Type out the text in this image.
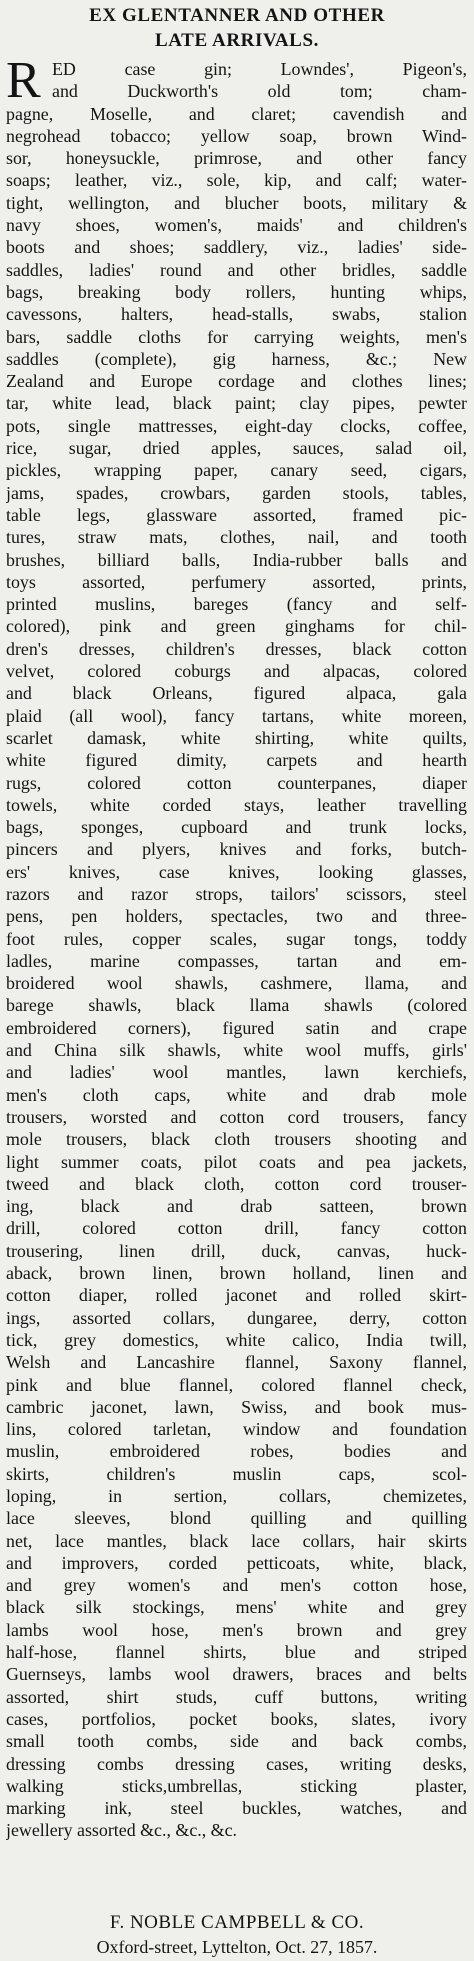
EX GLENTANNER AND OTHER
LATE ARRIVALS.
R ED case gin; Lowndes', Pigeon's,
and Duckworth's old tom; cham-
pagne, Moselle, and claret; cavendish and
negrohead tobacco; yellow soap, brown Wind-
sor, honeysuckle, primrose, and other fancy
soaps; leather, viz., sole, kip, and calf; water-
tight, wellington, and blucher boots, military &
navy shoes, women's, maids' and children's
boots and shoes; saddlery, viz., ladies' side-
saddles, ladies' round and other bridles, saddle
bags, breaking body rollers, hunting whips,
cavessons, halters, head-stalls, swabs, stalion
bars, saddle cloths for carrying weights, men's
saddles (complete), gig harness, &c.; New
Zealand and Europe cordage and clothes lines;
tar, white lead, black paint; clay pipes, pewter
pots, single mattresses, eight-day clocks, coffee,
rice, sugar, dried apples, sauces, salad oil,
pickles, wrapping paper, canary seed, cigars,
jams, spades, crowbars, garden stools, tables,
table legs, glassware assorted, framed pic-
tures, straw mats, clothes, nail, and tooth
brushes, billiard balls, India-rubber balls and
toys assorted, perfumery assorted, prints,
printed muslins, bareges (fancy and self-
colored), pink and green ginghams for chil-
dren's dresses, children's dresses, black cotton
velvet, colored coburgs and alpacas, colored
and black Orleans, figured alpaca, gala
plaid (all wool), fancy tartans, white moreen,
scarlet damask, white shirting, white quilts,
white figured dimity, carpets and hearth
rugs, colored cotton counterpanes, diaper
towels, white corded stays, leather travelling
bags, sponges, cupboard and trunk locks,
pincers and plyers, knives and forks, butch-
ers' knives, case knives, looking glasses,
razors and razor strops, tailors' scissors, steel
pens, pen holders, spectacles, two and three-
foot rules, copper scales, sugar tongs, toddy
ladles, marine compasses, tartan and em-
broidered wool shawls, cashmere, llama, and
barege shawls, black llama shawls (colored
embroidered corners), figured satin and crape
and China silk shawls, white wool muffs, girls'
and ladies' wool mantles, lawn kerchiefs,
men's cloth caps, white and drab mole
trousers, worsted and cotton cord trousers, fancy
mole trousers, black cloth trousers shooting and
light summer coats, pilot coats and pea jackets,
tweed and black cloth, cotton cord trouser-
ing, black and drab satteen, brown
drill, colored cotton drill, fancy cotton
trousering, linen drill, duck, canvas, huck-
aback, brown linen, brown holland, linen and
cotton diaper, rolled jaconet and rolled skirt-
ings, assorted collars, dungaree, derry, cotton
tick, grey domestics, white calico, India twill,
Welsh and Lancashire flannel, Saxony flannel,
pink and blue flannel, colored flannel check,
cambric jaconet, lawn, Swiss, and book mus-
lins, colored tarletan, window and foundation
muslin, embroidered robes, bodies and
skirts, children's muslin caps, scol-
loping, in sertion, collars, chemizetes,
lace sleeves, blond quilling and quilling
net, lace mantles, black lace collars, hair skirts
and improvers, corded petticoats, white, black,
and grey women's and men's cotton hose,
black silk stockings, mens' white and grey
lambs wool hose, men's brown and grey
half-hose, flannel shirts, blue and striped
Guernseys, lambs wool drawers, braces and belts
assorted, shirt studs, cuff buttons, writing
cases, portfolios, pocket books, slates, ivory
small tooth combs, side and back combs,
dressing combs dressing cases, writing desks,
walking sticks,umbrellas, sticking plaster,
marking ink, steel buckles, watches, and
jewellery assorted &c., &c., &c.
F. NOBLE CAMPBELL & CO.
Oxford-street, Lyttelton, Oct. 27, 1857.
